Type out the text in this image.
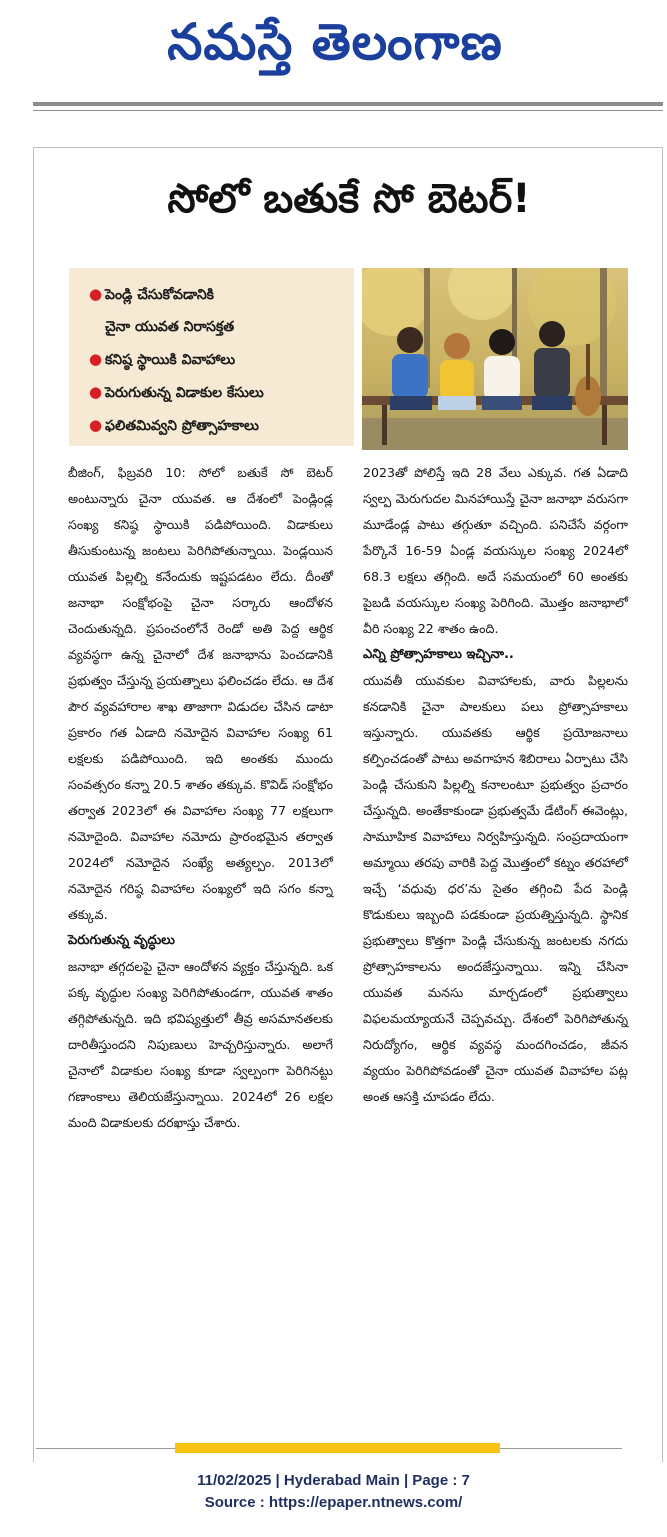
నమస్తే తెలంగాణ
సోలో బతుకే సో బెటర్!
● పెండ్లి చేసుకోవడానికి
చైనా యువత నిరాసక్తత
● కనిష్ఠ స్థాయికి వివాహాలు
● పెరుగుతున్న విడాకుల కేసులు
● ఫలితమివ్వని ప్రోత్సాహకాలు

బీజింగ్, ఫిబ్రవరి 10: సోలో బతుకే సో బెటర్ అంటున్నారు చైనా యువత. ఆ దేశంలో పెండ్లిండ్ల సంఖ్య కనిష్ఠ స్థాయికి పడిపోయింది. విడాకులు తీసుకుంటున్న జంటలు పెరిగిపోతున్నాయి. పెండ్లయిన యువత పిల్లల్ని కనేందుకు ఇష్టపడటం లేదు. దీంతో జనాభా సంక్షోభంపై చైనా సర్కారు ఆందోళన చెందుతున్నది. ప్రపంచంలోనే రెండో అతి పెద్ద ఆర్థిక వ్యవస్థగా ఉన్న చైనాలో దేశ జనాభాను పెంచడానికి ప్రభుత్వం చేస్తున్న ప్రయత్నాలు ఫలించడం లేదు. ఆ దేశ పౌర వ్యవహారాల శాఖ తాజాగా విడుదల చేసిన డాటా ప్రకారం గత ఏడాది నమోదైన వివాహాల సంఖ్య 61 లక్షలకు పడిపోయింది. ఇది అంతకు ముందు సంవత్సరం కన్నా 20.5 శాతం తక్కువ. కొవిడ్ సంక్షోభం తర్వాత 2023లో ఈ వివాహాల సంఖ్య 77 లక్షలుగా నమోదైంది. వివాహాల నమోదు ప్రారంభమైన తర్వాత 2024లో నమోదైన సంఖ్యే అత్యల్పం. 2013లో నమోదైన గరిష్ఠ వివాహాల సంఖ్యలో ఇది సగం కన్నా తక్కువ.

పెరుగుతున్న వృద్ధులు

జనాభా తగ్గదలపై చైనా ఆందోళన వ్యక్తం చేస్తున్నది. ఒక పక్క వృద్ధుల సంఖ్య పెరిగిపోతుండగా, యువత శాతం తగ్గిపోతున్నది. ఇది భవిష్యత్తులో తీవ్ర అసమానతలకు దారితీస్తుందని నిపుణులు హెచ్చరిస్తున్నారు. అలాగే చైనాలో విడాకుల సంఖ్య కూడా స్వల్పంగా పెరిగినట్టు గణాంకాలు తెలియజేస్తున్నాయి. 2024లో 26 లక్షల మంది విడాకులకు దరఖాస్తు చేశారు.

2023తో పోలిస్తే ఇది 28 వేలు ఎక్కువ. గత ఏడాది స్వల్ప మెరుగుదల మినహాయిస్తే చైనా జనాభా వరుసగా మూడేండ్ల పాటు తగ్గుతూ వచ్చింది. పనిచేసే వర్గంగా పేర్కొనే 16-59 ఏండ్ల వయస్కుల సంఖ్య 2024లో 68.3 లక్షలు తగ్గింది. అదే సమయంలో 60 అంతకు పైబడి వయస్కుల సంఖ్య పెరిగింది. మొత్తం జనాభాలో వీరి సంఖ్య 22 శాతం ఉంది.

ఎన్ని ప్రోత్సాహకాలు ఇచ్చినా..

యువతీ యువకుల వివాహాలకు, వారు పిల్లలను కనడానికి చైనా పాలకులు పలు ప్రోత్సాహకాలు ఇస్తున్నారు. యువతకు ఆర్థిక ప్రయోజనాలు కల్పించడంతో పాటు అవగాహన శిబిరాలు ఏర్పాటు చేసి పెండ్లి చేసుకుని పిల్లల్ని కనాలంటూ ప్రభుత్వం ప్రచారం చేస్తున్నది. అంతేకాకుండా ప్రభుత్వమే డేటింగ్ ఈవెంట్లు, సామూహిక వివాహాలు నిర్వహిస్తున్నది. సంప్రదాయంగా అమ్మాయి తరపు వారికి పెద్ద మొత్తంలో కట్నం తరహాలో ఇచ్చే ‘వధువు ధర’ను సైతం తగ్గించి పేద పెండ్లి కొడుకులు ఇబ్బంది పడకుండా ప్రయత్నిస్తున్నది. స్థానిక ప్రభుత్వాలు కొత్తగా పెండ్లి చేసుకున్న జంటలకు నగదు ప్రోత్సాహకాలను అందజేస్తున్నాయి. ఇన్ని చేసినా యువత మనసు మార్చడంలో ప్రభుత్వాలు విఫలమయ్యాయనే చెప్పవచ్చు. దేశంలో పెరిగిపోతున్న నిరుద్యోగం, ఆర్థిక వ్యవస్థ మందగించడం, జీవన వ్యయం పెరిగిపోవడంతో చైనా యువత వివాహాల పట్ల అంత ఆసక్తి చూపడం లేదు.

11/02/2025 | Hyderabad Main | Page : 7
Source : https://epaper.ntnews.com/
